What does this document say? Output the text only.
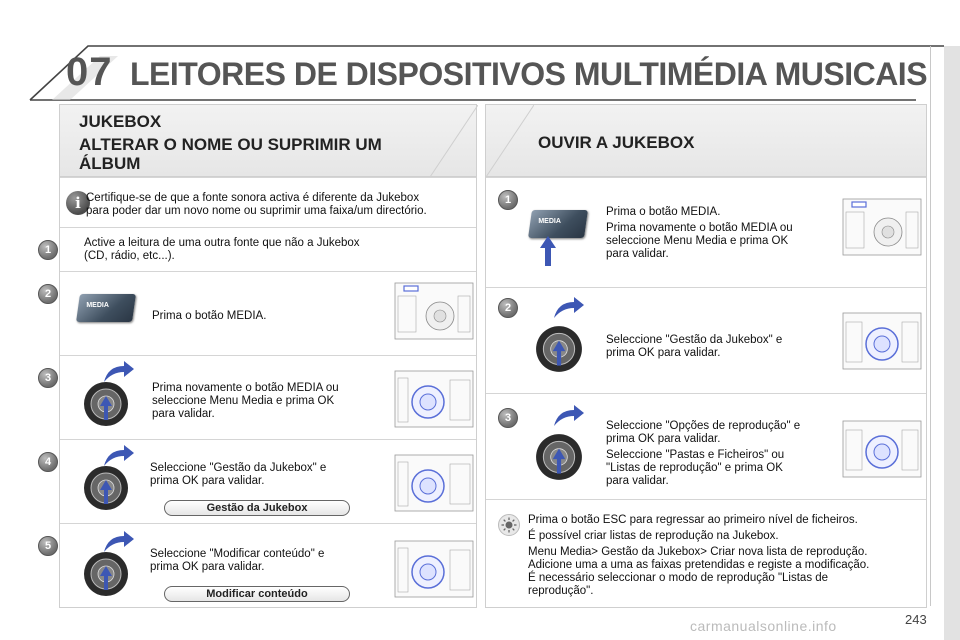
07 LEITORES DE DISPOSITIVOS MULTIMÉDIA MUSICAIS
JUKEBOX
ALTERAR O NOME OU SUPRIMIR UM
ÁLBUM
i Certifique-se de que a fonte sonora activa é diferente da Jukebox
para poder dar um novo nome ou suprimir uma faixa/um directório.
1
Active a leitura de uma outra fonte que não a Jukebox
(CD, rádio, etc...).
2
MEDIA
Prima o botão MEDIA.
3
Prima novamente o botão MEDIA ou
seleccione Menu Media e prima OK
para validar.
4	Seleccione "Gestão da Jukebox" e
prima OK para validar.
Gestão da Jukebox
5
Seleccione "Modificar conteúdo" e
prima OK para validar.
Modificar conteúdo
OUVIR A JUKEBOX
1
MEDIA

Prima o botão MEDIA.

Prima novamente o botão MEDIA ou
seleccione Menu Media e prima OK
para validar.
2
Seleccione "Gestão da Jukebox" e
prima OK para validar.
3
Seleccione "Opções de reprodução" e

prima OK para validar.

Seleccione "Pastas e Ficheiros" ou
"Listas de reprodução" e prima OK
para validar.

Prima o botão ESC para regressar ao primeiro nível de ficheiros.

É possível criar listas de reprodução na Jukebox.

Menu Media> Gestão da Jukebox> Criar nova lista de reprodução.
Adicione uma a uma as faixas pretendidas e registe a modificação.
É necessário seleccionar o modo de reprodução "Listas de
reprodução".
carmanualsonline.info	243
